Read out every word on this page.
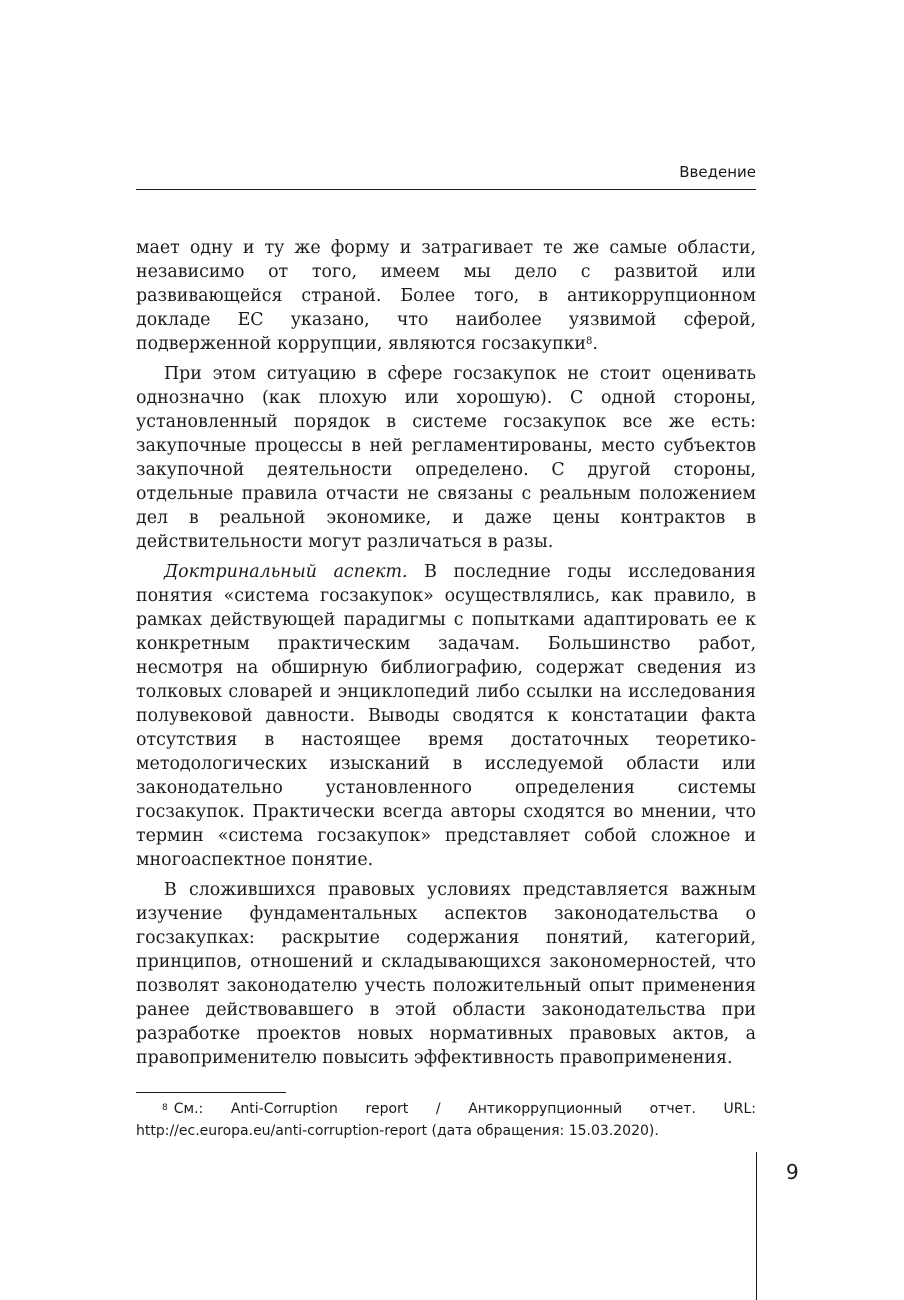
Введение

мает одну и ту же форму и затрагивает те же самые области, независимо от того, имеем мы дело с развитой или развивающейся страной. Более того, в антикоррупционном докладе ЕС указано, что наиболее уязвимой сферой, подверженной коррупции, являются госзакупки$^8$.

При этом ситуацию в сфере госзакупок не стоит оценивать однозначно (как плохую или хорошую). С одной стороны, установленный порядок в системе госзакупок все же есть: закупочные процессы в ней регламентированы, место субъектов закупочной деятельности определено. С другой стороны, отдельные правила отчасти не связаны с реальным положением дел в реальной экономике, и даже цены контрактов в действительности могут различаться в разы.

Доктринальный аспект. В последние годы исследования понятия «система госзакупок» осуществлялись, как правило, в рамках действующей парадигмы с попытками адаптировать ее к конкретным практическим задачам. Большинство работ, несмотря на обширную библиографию, содержат сведения из толковых словарей и энциклопедий либо ссылки на исследования полувековой давности. Выводы сводятся к констатации факта отсутствия в настоящее время достаточных теоретико-методологических изысканий в исследуемой области или законодательно установленного определения системы госзакупок. Практически всегда авторы сходятся во мнении, что термин «система госзакупок» представляет собой сложное и многоаспектное понятие.

В сложившихся правовых условиях представляется важным изучение фундаментальных аспектов законодательства о госзакупках: раскрытие содержания понятий, категорий, принципов, отношений и складывающихся закономерностей, что позволят законодателю учесть положительный опыт применения ранее действовавшего в этой области законодательства при разработке проектов новых нормативных правовых актов, а правоприменителю повысить эффективность правоприменения.

$^8$ См.: Anti-Corruption report / Антикоррупционный отчет. URL: http://ec.europa.eu/anti-corruption-report (дата обращения: 15.03.2020).
9
